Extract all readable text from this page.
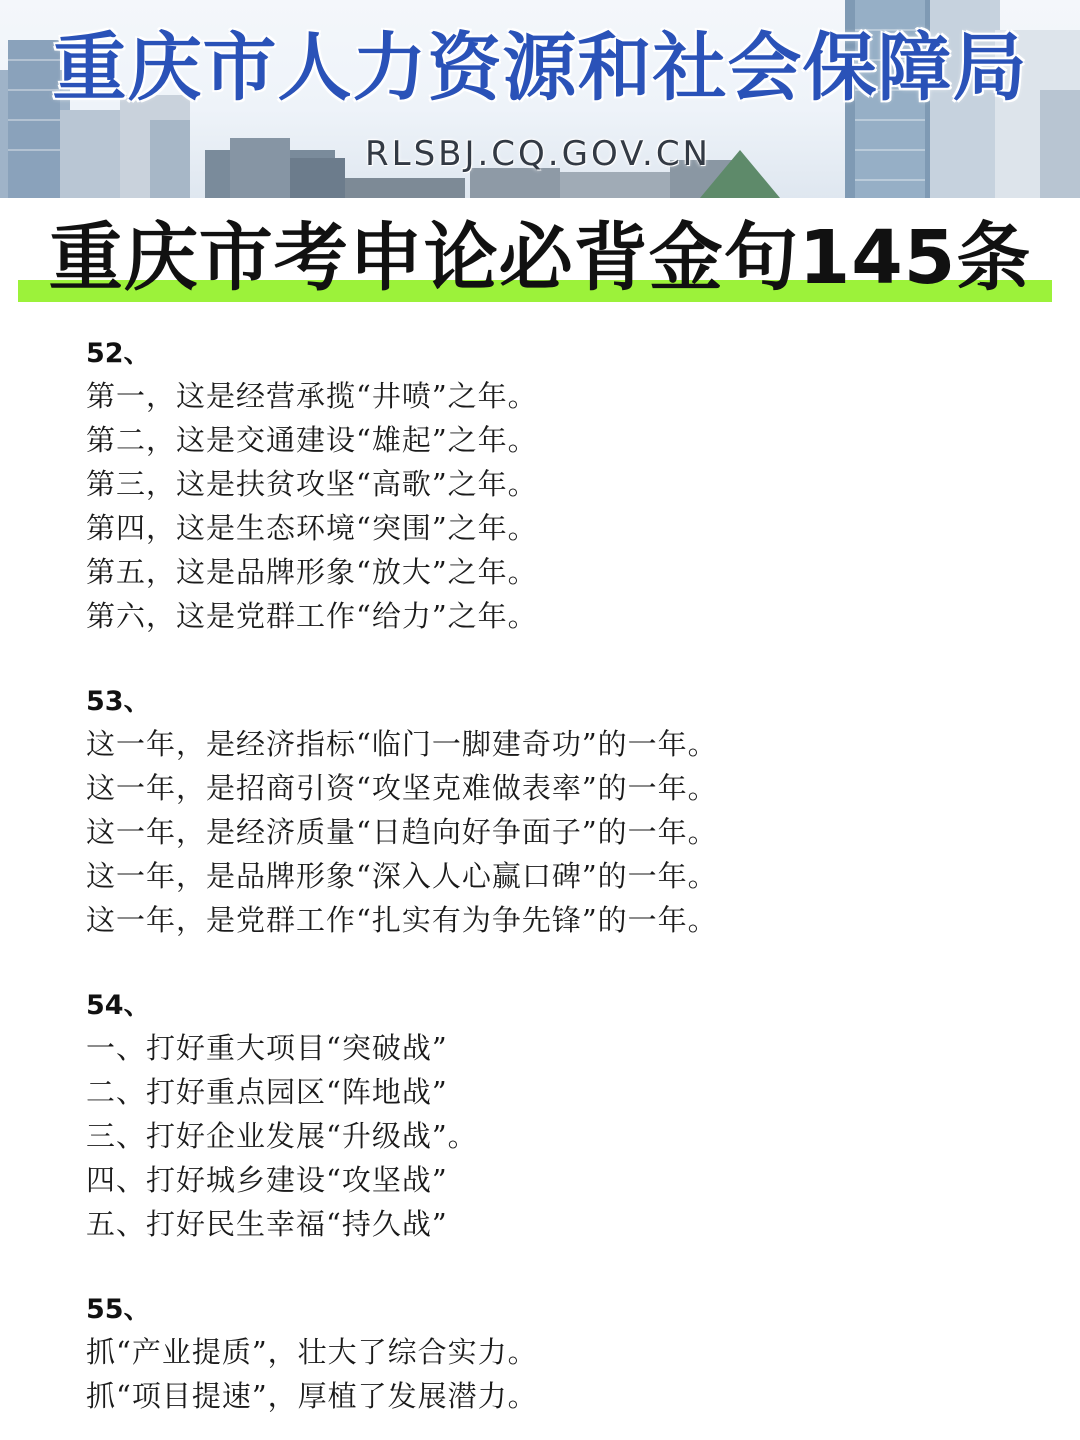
重庆市人力资源和社会保障局
RLSBJ.CQ.GOV.CN
重庆市考申论必背金句145条
52、
第一，这是经营承揽“井喷”之年。
第二，这是交通建设“雄起”之年。
第三，这是扶贫攻坚“高歌”之年。
第四，这是生态环境“突围”之年。
第五，这是品牌形象“放大”之年。
第六，这是党群工作“给力”之年。
53、
这一年，是经济指标“临门一脚建奇功”的一年。
这一年，是招商引资“攻坚克难做表率”的一年。
这一年，是经济质量“日趋向好争面子”的一年。
这一年，是品牌形象“深入人心赢口碑”的一年。
这一年，是党群工作“扎实有为争先锋”的一年。
54、
一、打好重大项目“突破战”
二、打好重点园区“阵地战”
三、打好企业发展“升级战”。
四、打好城乡建设“攻坚战”
五、打好民生幸福“持久战”
55、
抓“产业提质”，壮大了综合实力。
抓“项目提速”，厚植了发展潜力。
